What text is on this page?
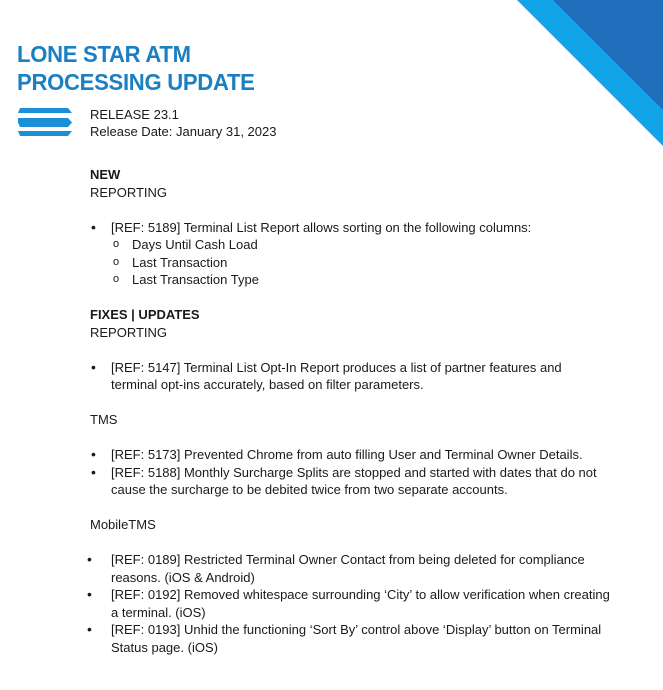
LONE STAR ATM
PROCESSING UPDATE
RELEASE 23.1
Release Date: January 31, 2023
NEW
REPORTING
• [REF: 5189] Terminal List Report allows sorting on the following columns:
o Days Until Cash Load
o Last Transaction
o Last Transaction Type
FIXES | UPDATES
REPORTING
• [REF: 5147] Terminal List Opt-In Report produces a list of partner features and terminal opt-ins accurately, based on filter parameters.
TMS
• [REF: 5173] Prevented Chrome from auto filling User and Terminal Owner Details.
• [REF: 5188] Monthly Surcharge Splits are stopped and started with dates that do not cause the surcharge to be debited twice from two separate accounts.
MobileTMS
• [REF: 0189] Restricted Terminal Owner Contact from being deleted for compliance reasons. (iOS & Android)
• [REF: 0192] Removed whitespace surrounding ‘City’ to allow verification when creating a terminal. (iOS)
• [REF: 0193] Unhid the functioning ‘Sort By’ control above ‘Display’ button on Terminal Status page. (iOS)
